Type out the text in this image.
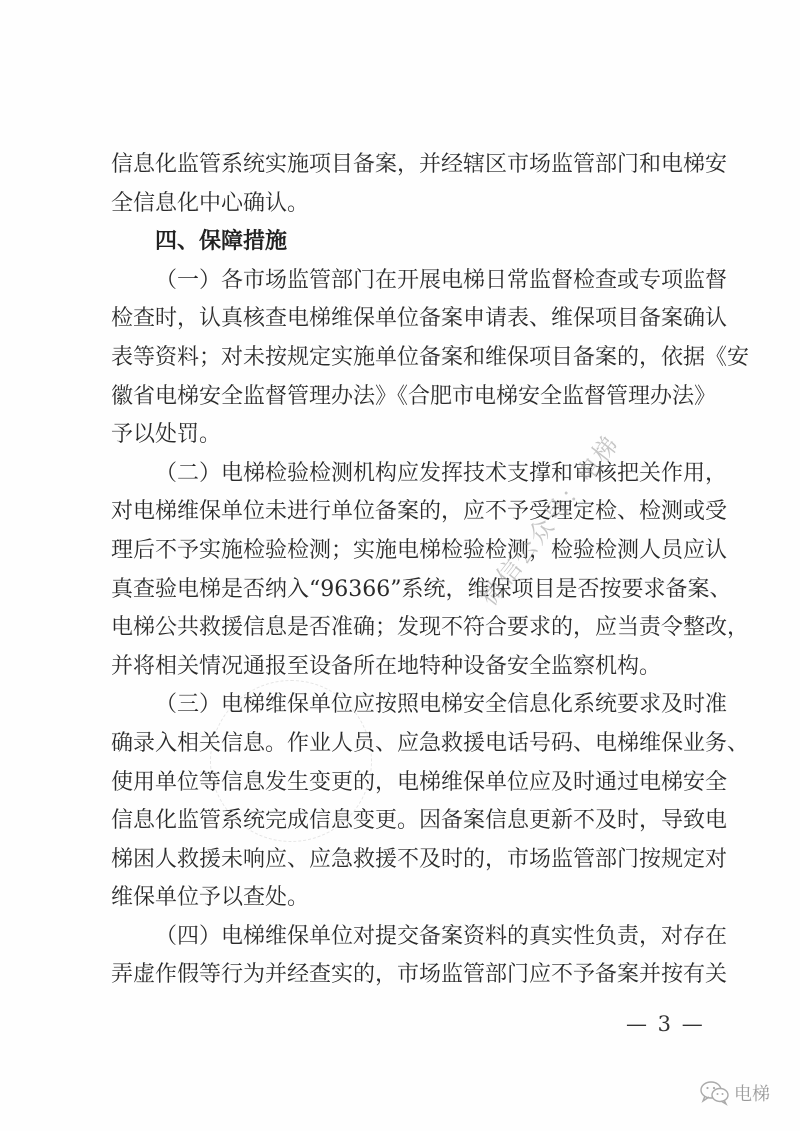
信息化监管系统实施项目备案，并经辖区市场监管部门和电梯安
全信息化中心确认。
四、保障措施
（一）各市场监管部门在开展电梯日常监督检查或专项监督
检查时，认真核查电梯维保单位备案申请表、维保项目备案确认
表等资料；对未按规定实施单位备案和维保项目备案的，依据《安
徽省电梯安全监督管理办法》《合肥市电梯安全监督管理办法》
予以处罚。
（二）电梯检验检测机构应发挥技术支撑和审核把关作用，
对电梯维保单位未进行单位备案的，应不予受理定检、检测或受
理后不予实施检验检测；实施电梯检验检测，检验检测人员应认
真查验电梯是否纳入“96366”系统，维保项目是否按要求备案、
电梯公共救援信息是否准确；发现不符合要求的，应当责令整改，
并将相关情况通报至设备所在地特种设备安全监察机构。
（三）电梯维保单位应按照电梯安全信息化系统要求及时准
确录入相关信息。作业人员、应急救援电话号码、电梯维保业务、
使用单位等信息发生变更的，电梯维保单位应及时通过电梯安全
信息化监管系统完成信息变更。因备案信息更新不及时，导致电
梯困人救援未响应、应急救援不及时的，市场监管部门按规定对
维保单位予以查处。
（四）电梯维保单位对提交备案资料的真实性负责，对存在
弄虚作假等行为并经查实的，市场监管部门应不予备案并按有关
微信公众号：电梯
— 3 —
电梯
